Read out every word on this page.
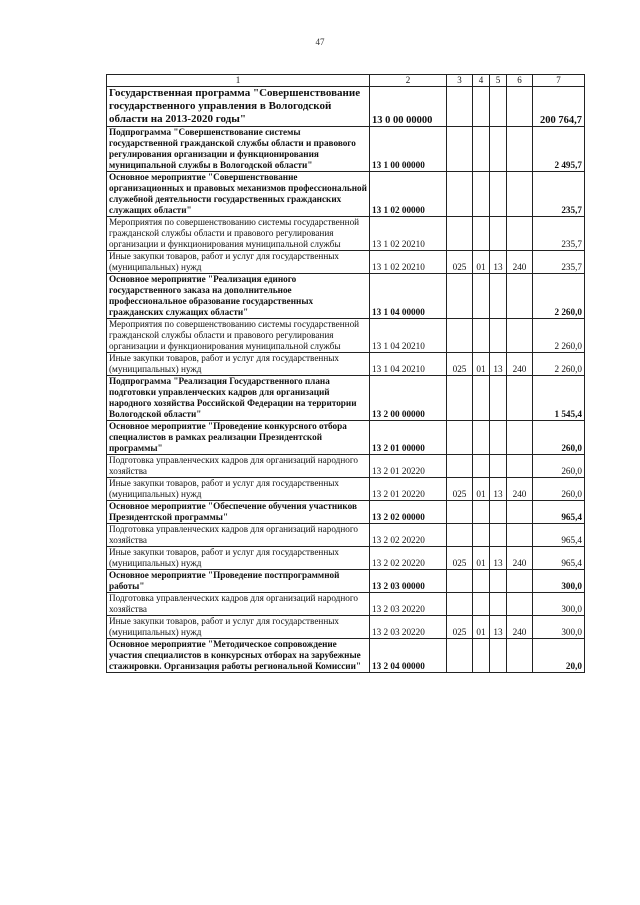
47
1	2	3	4	5	6	7
Государственная программа "Совершенствование государственного управления в Вологодской области на 2013-2020 годы"	13 0 00 00000					200 764,7
Подпрограмма "Совершенствование системы государственной гражданской службы области и правового регулирования организации и функционирования муниципальной службы в Вологодской области"	13 1 00 00000					2 495,7
Основное мероприятие "Совершенствование организационных и правовых механизмов профессиональной служебной деятельности государственных гражданских служащих области"	13 1 02 00000					235,7
Мероприятия по совершенствованию системы государственной гражданской службы области и правового регулирования организации и функционирования муниципальной службы	13 1 02 20210					235,7
Иные закупки товаров, работ и услуг для государственных (муниципальных) нужд	13 1 02 20210	025	01	13	240	235,7
Основное мероприятие "Реализация единого государственного заказа на дополнительное профессиональное образование государственных гражданских служащих области"	13 1 04 00000					2 260,0
Мероприятия по совершенствованию системы государственной гражданской службы области и правового регулирования организации и функционирования муниципальной службы	13 1 04 20210					2 260,0
Иные закупки товаров, работ и услуг для государственных (муниципальных) нужд	13 1 04 20210	025	01	13	240	2 260,0
Подпрограмма "Реализация Государственного плана подготовки управленческих кадров для организаций народного хозяйства Российской Федерации на территории Вологодской области"	13 2 00 00000					1 545,4
Основное мероприятие "Проведение конкурсного отбора специалистов в рамках реализации Президентской программы"	13 2 01 00000					260,0
Подготовка управленческих кадров для организаций народного хозяйства	13 2 01 20220					260,0
Иные закупки товаров, работ и услуг для государственных (муниципальных) нужд	13 2 01 20220	025	01	13	240	260,0
Основное мероприятие "Обеспечение обучения участников Президентской программы"	13 2 02 00000					965,4
Подготовка управленческих кадров для организаций народного хозяйства	13 2 02 20220					965,4
Иные закупки товаров, работ и услуг для государственных (муниципальных) нужд	13 2 02 20220	025	01	13	240	965,4
Основное мероприятие "Проведение постпрограммной работы"	13 2 03 00000					300,0
Подготовка управленческих кадров для организаций народного хозяйства	13 2 03 20220					300,0
Иные закупки товаров, работ и услуг для государственных (муниципальных) нужд	13 2 03 20220	025	01	13	240	300,0
Основное мероприятие "Методическое сопровождение участия специалистов в конкурсных отборах на зарубежные стажировки. Организация работы региональной Комиссии"	13 2 04 00000					20,0
